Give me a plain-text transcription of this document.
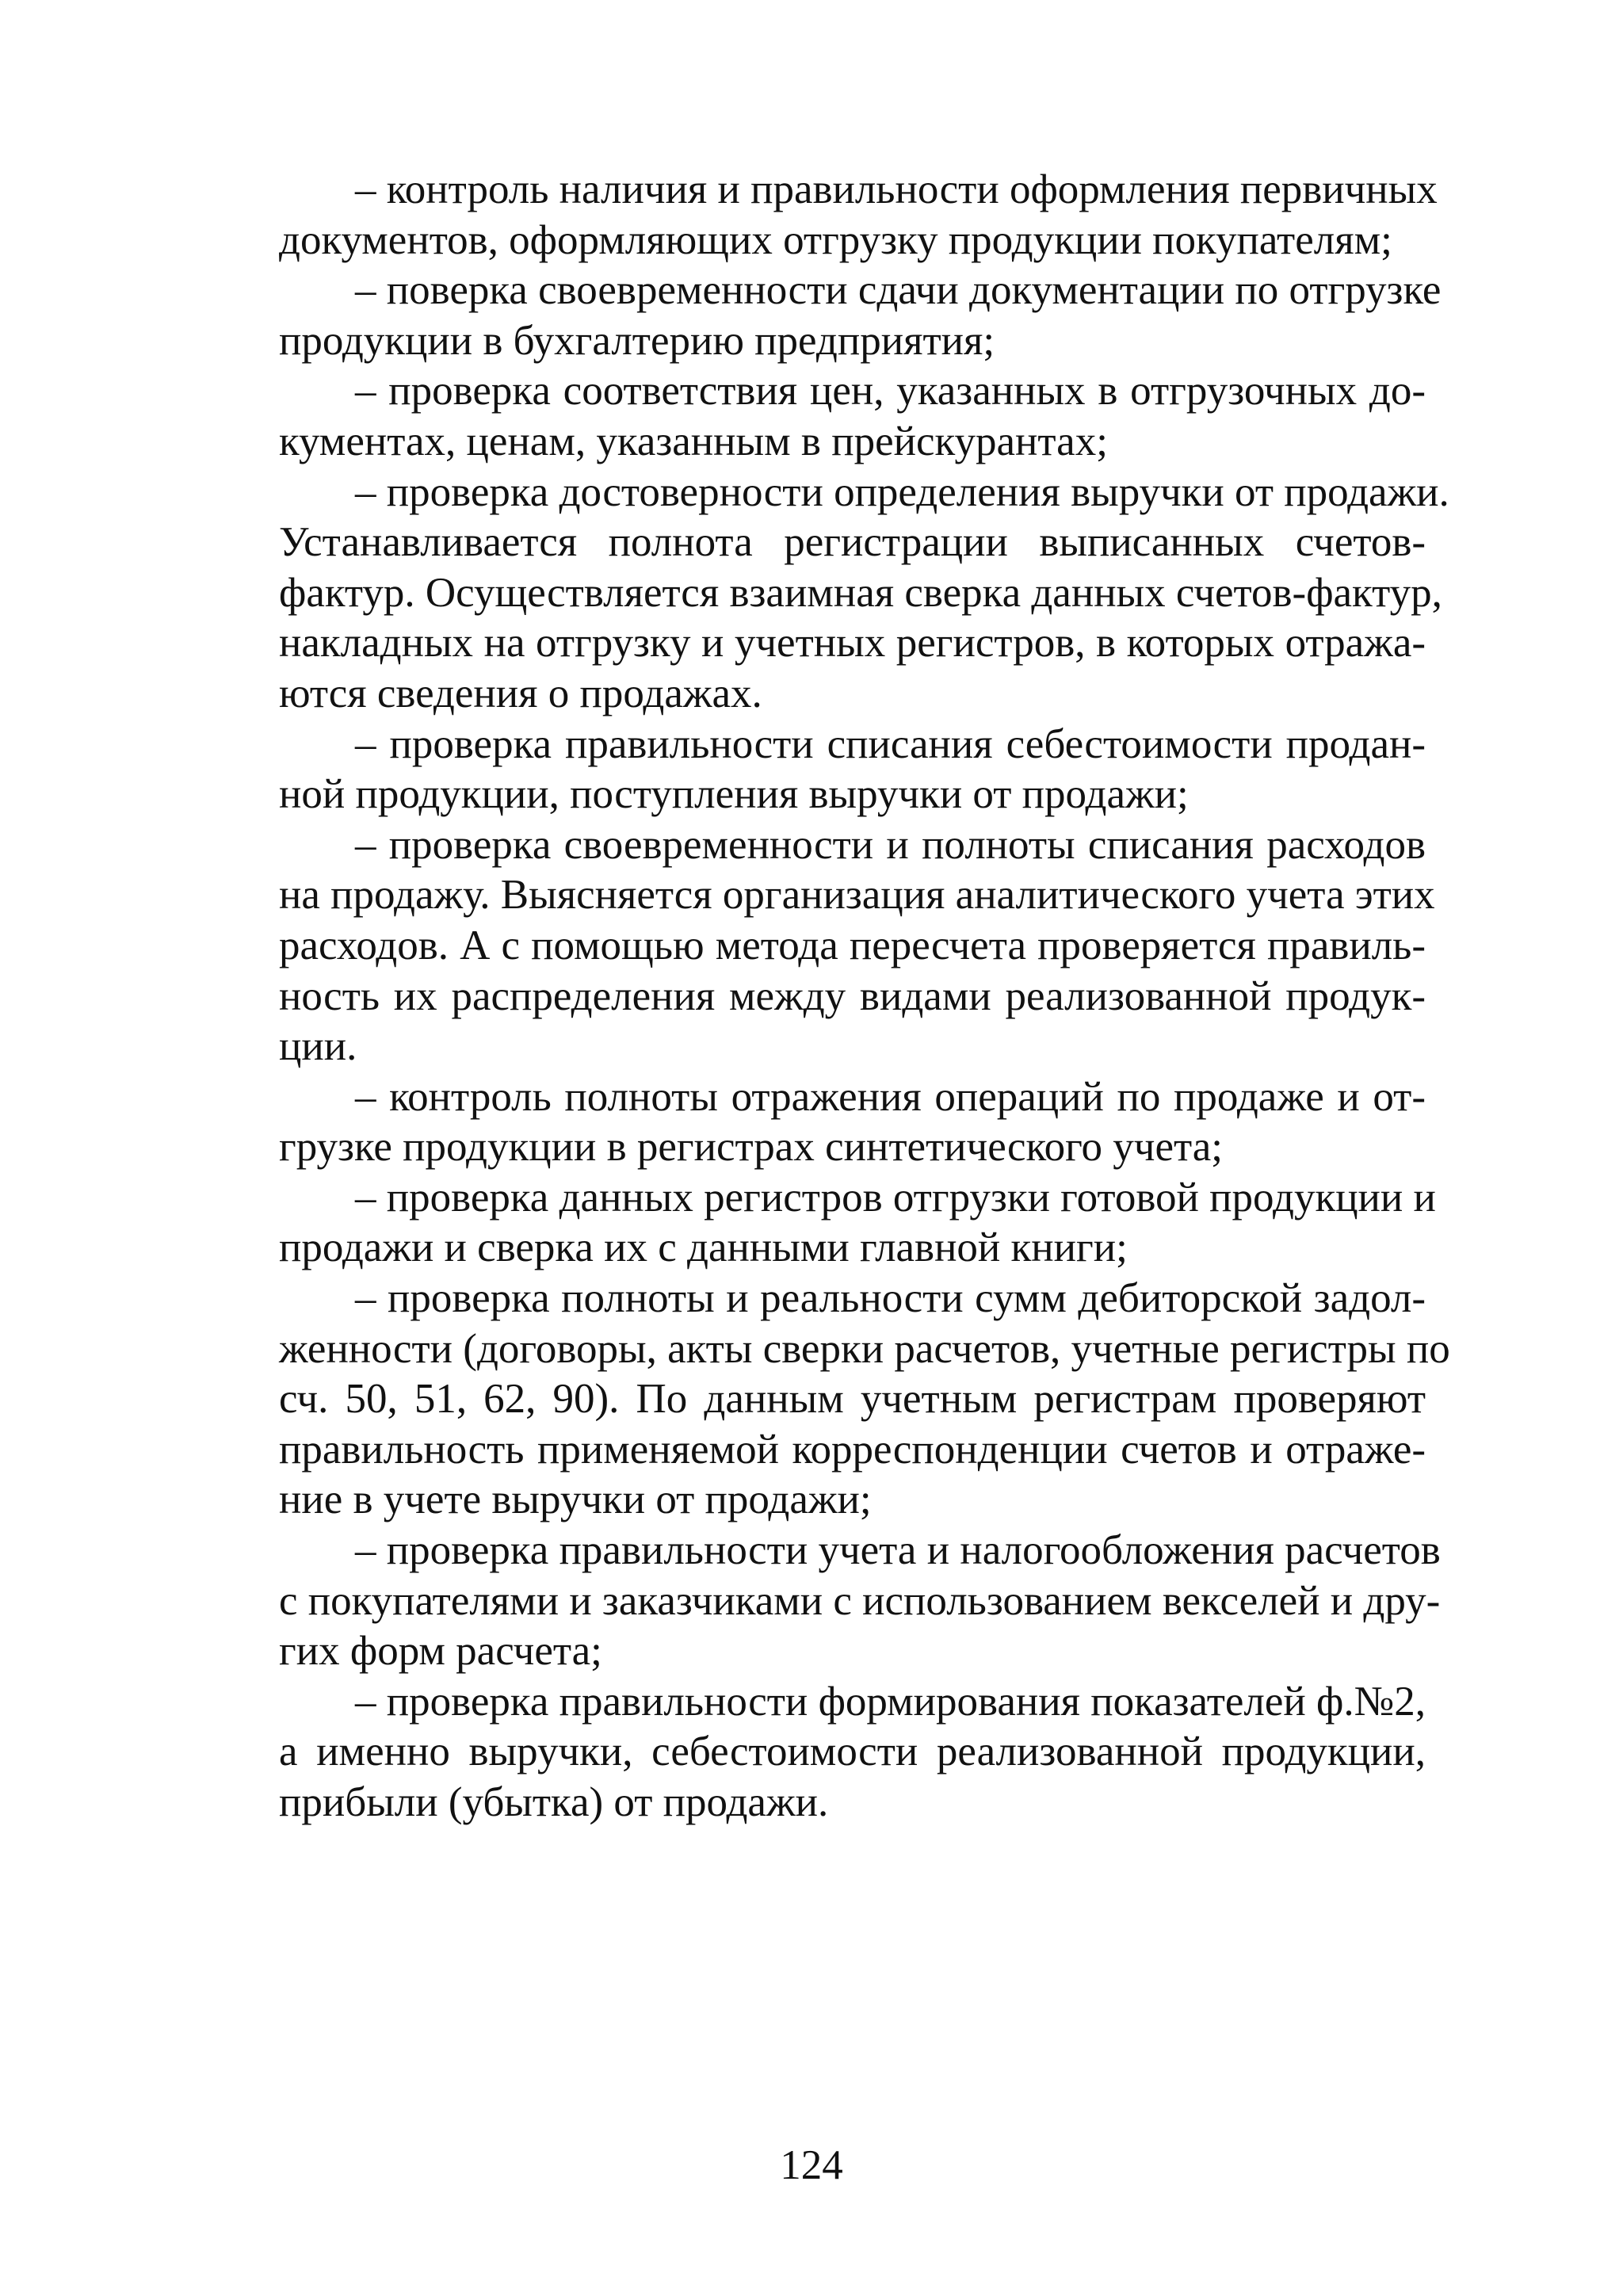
– контроль наличия и правильности оформления первичных
документов, оформляющих отгрузку продукции покупателям;

– поверка своевременности сдачи документации по отгрузке
продукции в бухгалтерию предприятия;

– проверка соответствия цен, указанных в отгрузочных до-
кументах, ценам, указанным в прейскурантах;

– проверка достоверности определения выручки от продажи.
Устанавливается полнота регистрации выписанных счетов-
фактур. Осуществляется взаимная сверка данных счетов-фактур,
накладных на отгрузку и учетных регистров, в которых отража-
ются сведения о продажах.

– проверка правильности списания себестоимости продан-
ной продукции, поступления выручки от продажи;

– проверка своевременности и полноты списания расходов
на продажу. Выясняется организация аналитического учета этих
расходов. А с помощью метода пересчета проверяется правиль-
ность их распределения между видами реализованной продук-
ции.

– контроль полноты отражения операций по продаже и от-
грузке продукции в регистрах синтетического учета;

– проверка данных регистров отгрузки готовой продукции и
продажи и сверка их с данными главной книги;

– проверка полноты и реальности сумм дебиторской задол-
женности (договоры, акты сверки расчетов, учетные регистры по
сч. 50, 51, 62, 90). По данным учетным регистрам проверяют
правильность применяемой корреспонденции счетов и отраже-
ние в учете выручки от продажи;

– проверка правильности учета и налогообложения расчетов
с покупателями и заказчиками с использованием векселей и дру-
гих форм расчета;

– проверка правильности формирования показателей ф.№2,
а именно выручки, себестоимости реализованной продукции,
прибыли (убытка) от продажи.

124
